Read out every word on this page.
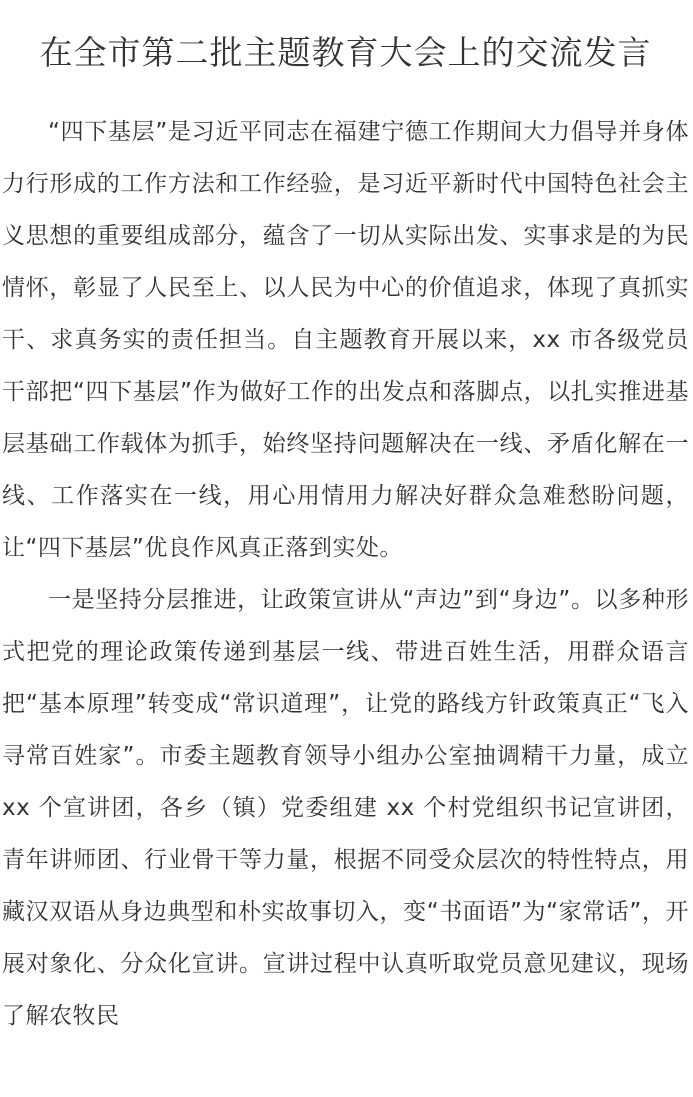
在全市第二批主题教育大会上的交流发言

“四下基层”是习近平同志在福建宁德工作期间大力倡导并身体力行形成的工作方法和工作经验，是习近平新时代中国特色社会主义思想的重要组成部分，蕴含了一切从实际出发、实事求是的为民情怀，彰显了人民至上、以人民为中心的价值追求，体现了真抓实干、求真务实的责任担当。自主题教育开展以来，xx 市各级党员干部把“四下基层”作为做好工作的出发点和落脚点，以扎实推进基层基础工作载体为抓手，始终坚持问题解决在一线、矛盾化解在一线、工作落实在一线，用心用情用力解决好群众急难愁盼问题，让“四下基层”优良作风真正落到实处。

一是坚持分层推进，让政策宣讲从“声边”到“身边”。以多种形式把党的理论政策传递到基层一线、带进百姓生活，用群众语言把“基本原理”转变成“常识道理”，让党的路线方针政策真正“飞入寻常百姓家”。市委主题教育领导小组办公室抽调精干力量，成立 xx 个宣讲团，各乡（镇）党委组建 xx 个村党组织书记宣讲团，青年讲师团、行业骨干等力量，根据不同受众层次的特性特点，用藏汉双语从身边典型和朴实故事切入，变“书面语”为“家常话”，开展对象化、分众化宣讲。宣讲过程中认真听取党员意见建议，现场了解农牧民
